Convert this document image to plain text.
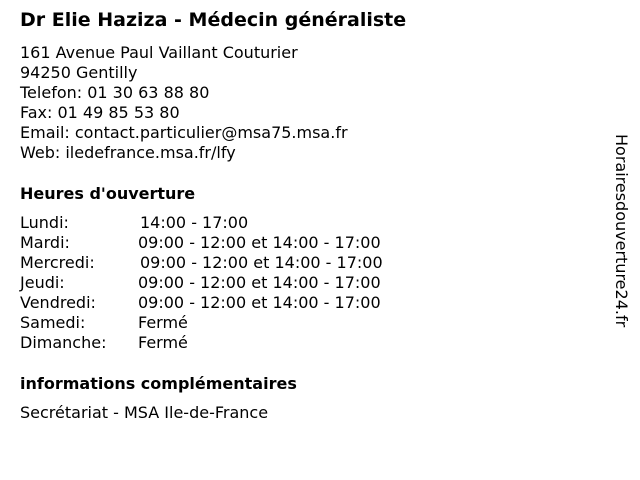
Dr Elie Haziza - Médecin généraliste
161 Avenue Paul Vaillant Couturier
94250 Gentilly
Telefon: 01 30 63 88 80
Fax: 01 49 85 53 80
Email: contact.particulier@msa75.msa.fr
Web: iledefrance.msa.fr/lfy
Heures d'ouverture
Lundi:	14:00 - 17:00
Mardi:	09:00 - 12:00 et 14:00 - 17:00
Mercredi:	09:00 - 12:00 et 14:00 - 17:00
Jeudi:	09:00 - 12:00 et 14:00 - 17:00
Vendredi:	09:00 - 12:00 et 14:00 - 17:00
Samedi:	Fermé
Dimanche: Fermé
informations complémentaires
Secrétariat - MSA Ile-de-France
Horairesdouverture24.fr
